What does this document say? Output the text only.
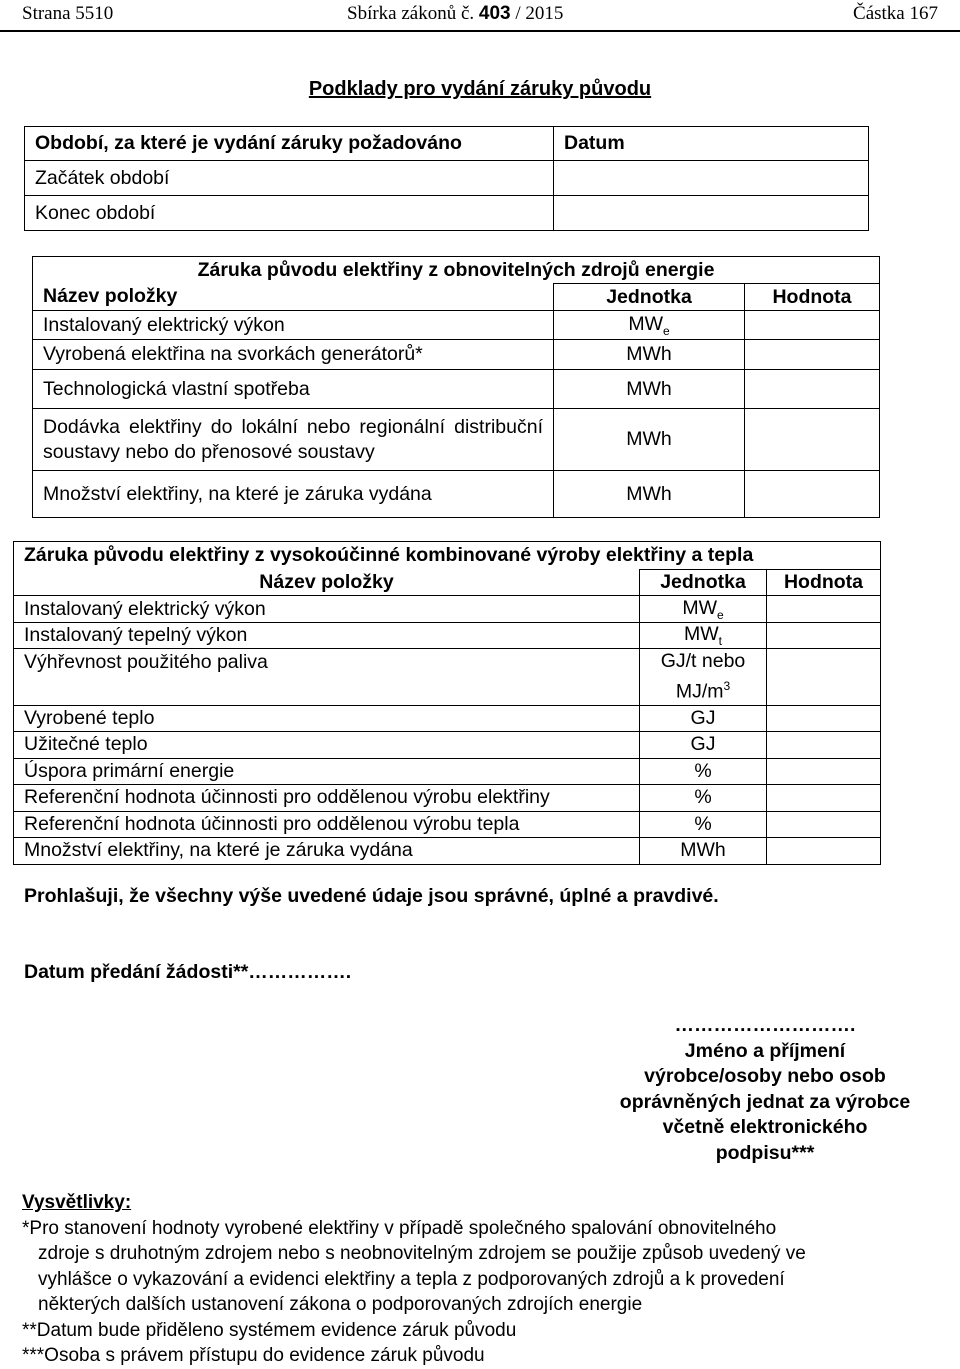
Strana 5510	Sbírka zákonů č. 403 / 2015	Částka 167
Podklady pro vydání záruky původu
Období, za které je vydání záruky požadováno	Datum
Začátek období	
Konec období	
Záruka původu elektřiny z obnovitelných zdrojů energie		
Název položky	Jednotka	Hodnota
Instalovaný elektrický výkon	$MW_e$	
Vyrobená elektřina na svorkách generátorů*	MWh	
Technologická vlastní spotřeba	MWh	
Dodávka elektřiny do lokální nebo regionální distribuční soustavy nebo do přenosové soustavy	MWh	
Množství elektřiny, na které je záruka vydána	MWh	
Záruka původu elektřiny z vysokoúčinné kombinované výroby elektřiny a tepla		
Název položky	Jednotka	Hodnota
Instalovaný elektrický výkon	$MW_e$	
Instalovaný tepelný výkon	$MW_t$	
Výhřevnost použitého paliva	GJ/t nebo
$MJ/m^3$	
Vyrobené teplo	GJ	
Užitečné teplo	GJ	
Úspora primární energie	%	
Referenční hodnota účinnosti pro oddělenou výrobu elektřiny	%	
Referenční hodnota účinnosti pro oddělenou výrobu tepla	%	
Množství elektřiny, na které je záruka vydána	MWh	
Prohlašuji, že všechny výše uvedené údaje jsou správné, úplné a pravdivé.
Datum předání žádosti**…………….
……………………….
Jméno a příjmení
výrobce/osoby nebo osob
oprávněných jednat za výrobce
včetně elektronického
podpisu***
Vysvětlivky:
*Pro stanovení hodnoty vyrobené elektřiny v případě společného spalování obnovitelného
zdroje s druhotným zdrojem nebo s neobnovitelným zdrojem se použije způsob uvedený ve
vyhlášce o vykazování a evidenci elektřiny a tepla z podporovaných zdrojů a k provedení
některých dalších ustanovení zákona o podporovaných zdrojích energie
**Datum bude přiděleno systémem evidence záruk původu
***Osoba s právem přístupu do evidence záruk původu
